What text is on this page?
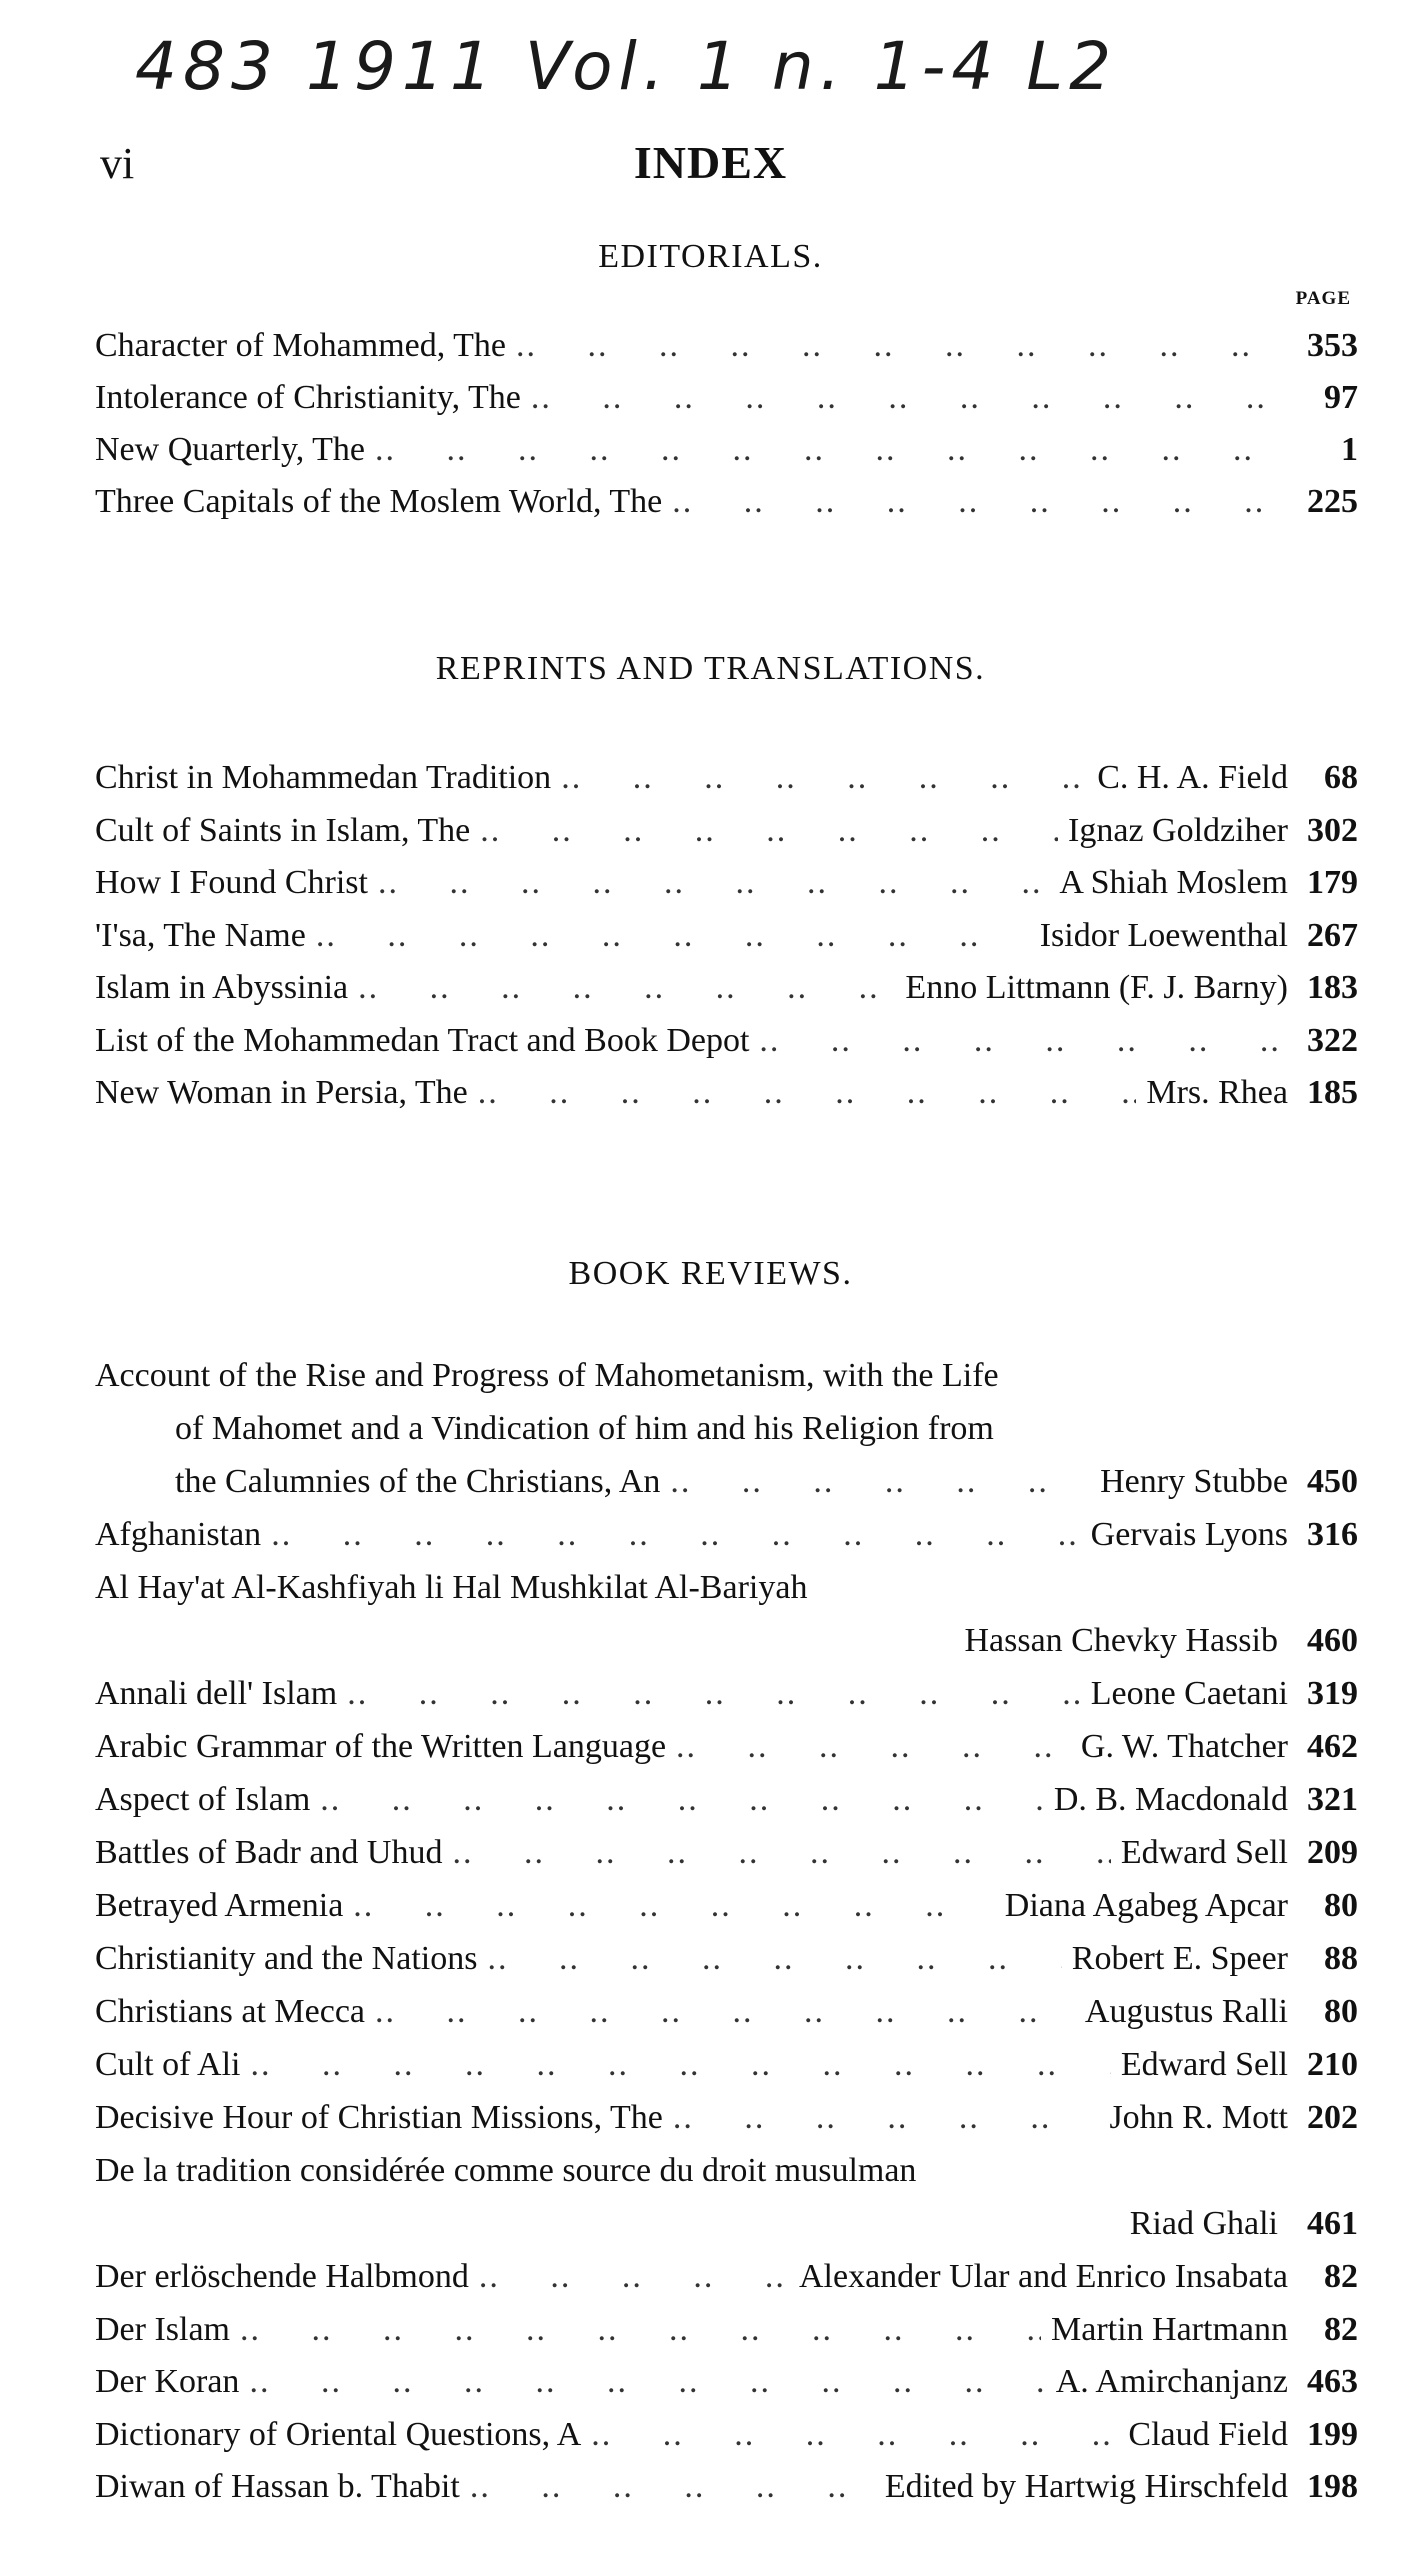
483 1911 Vol. 1 n. 1-4 L2
vi	INDEX
EDITORIALS.
PAGE
Character of Mohammed, The .. ..	353
Intolerance of Christianity, The .. ..	97
New Quarterly, The .. ..	1
Three Capitals of the Moslem World, The .. ..	225
REPRINTS AND TRANSLATIONS.
Christ in Mohammedan Tradition .. ..	C. H. A. Field	68
Cult of Saints in Islam, The .. ..	Ignaz Goldziher 302
How I Found Christ .. ..	A Shiah Moslem 179
'I'sa, The Name .. ..	Isidor Loewenthal 267
Islam in Abyssinia .. ..	Enno Littmann (F. J. Barny) 183
List of the Mohammedan Tract and Book Depot .. ..	322
New Woman in Persia, The .. ..	Mrs. Rhea 185
BOOK REVIEWS.
Account of the Rise and Progress of Mahometanism, with the Life
of Mahomet and a Vindication of him and his Religion from
the Calumnies of the Christians, An .. ..	Henry Stubbe 450
Afghanistan .. ..	Gervais Lyons 316
Al Hay'at Al-Kashfiyah li Hal Mushkilat Al-Bariyah
Hassan Chevky Hassib 460
Annali dell' Islam .. ..	Leone Caetani 319
Arabic Grammar of the Written Language .. ..	G. W. Thatcher 462
Aspect of Islam .. ..	D. B. Macdonald 321
Battles of Badr and Uhud .. ..	Edward Sell 209
Betrayed Armenia .. ..	Diana Agabeg Apcar	80
Christianity and the Nations .. ..	Robert E. Speer	88
Christians at Mecca .. ..	Augustus Ralli	80
Cult of Ali .. ..	Edward Sell 210
Decisive Hour of Christian Missions, The .. ..	John R. Mott 202
De la tradition considérée comme source du droit musulman
Riad Ghali 461
Der erlöschende Halbmond .. ..	Alexander Ular and Enrico Insabata	82
Der Islam .. ..	Martin Hartmann	82
Der Koran .. ..	A. Amirchanjanz 463
Dictionary of Oriental Questions, A .. ..	Claud Field 199
Diwan of Hassan b. Thabit .. ..	Edited by Hartwig Hirschfeld 198
